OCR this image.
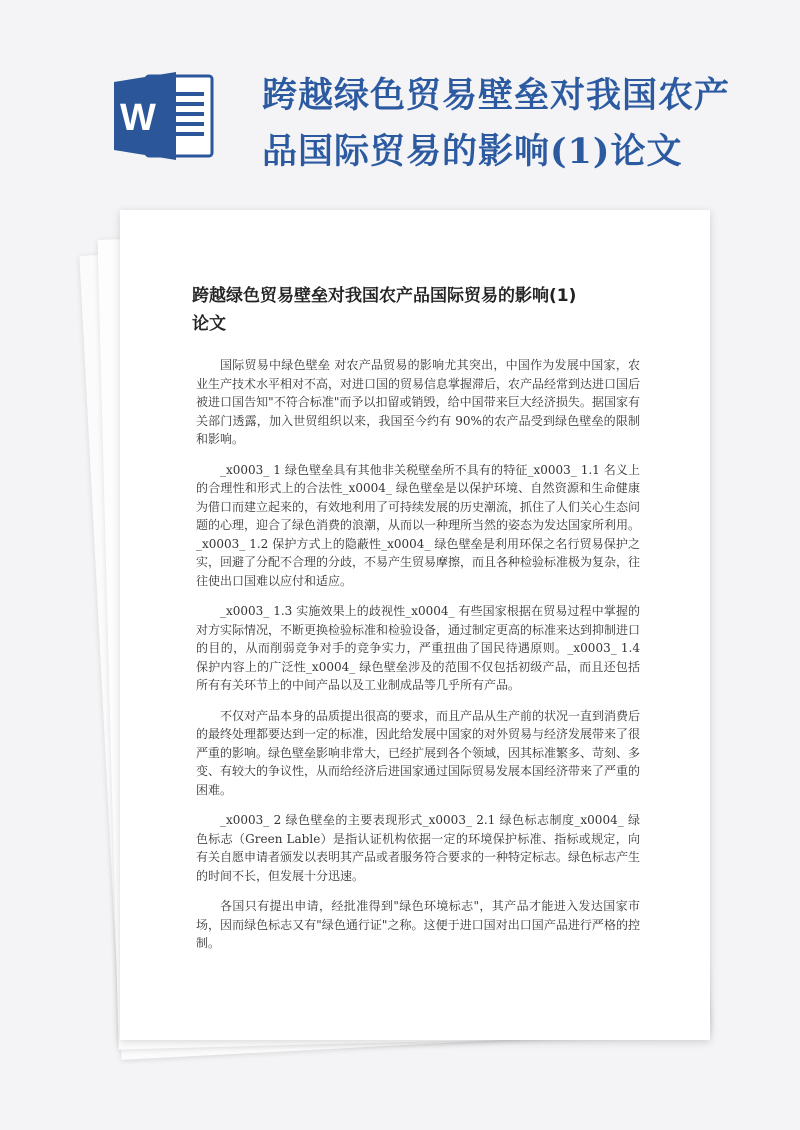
W
跨越绿色贸易壁垒对我国农产
品国际贸易的影响(1)论文
跨越绿色贸易壁垒对我国农产品国际贸易的影响(1)
论文

国际贸易中绿色壁垒 对农产品贸易的影响尤其突出，中国作为发展中国家，农业生产技术水平相对不高，对进口国的贸易信息掌握滞后，农产品经常到达进口国后被进口国告知"不符合标准"而予以扣留或销毁，给中国带来巨大经济损失。据国家有关部门透露，加入世贸组织以来，我国至今约有 90%的农产品受到绿色壁垒的限制和影响。

_x0003_ 1 绿色壁垒具有其他非关税壁垒所不具有的特征_x0003_ 1.1 名义上的合理性和形式上的合法性_x0004_ 绿色壁垒是以保护环境、自然资源和生命健康为借口而建立起来的，有效地利用了可持续发展的历史潮流，抓住了人们关心生态问题的心理，迎合了绿色消费的浪潮，从而以一种理所当然的姿态为发达国家所利用。_x0003_ 1.2 保护方式上的隐蔽性_x0004_ 绿色壁垒是利用环保之名行贸易保护之实，回避了分配不合理的分歧，不易产生贸易摩擦，而且各种检验标准极为复杂，往往使出口国难以应付和适应。

_x0003_ 1.3 实施效果上的歧视性_x0004_ 有些国家根据在贸易过程中掌握的对方实际情况，不断更换检验标准和检验设备，通过制定更高的标准来达到抑制进口的目的，从而削弱竞争对手的竞争实力，严重扭曲了国民待遇原则。_x0003_ 1.4 保护内容上的广泛性_x0004_ 绿色壁垒涉及的范围不仅包括初级产品，而且还包括所有有关环节上的中间产品以及工业制成品等几乎所有产品。

不仅对产品本身的品质提出很高的要求，而且产品从生产前的状况一直到消费后的最终处理都要达到一定的标准，因此给发展中国家的对外贸易与经济发展带来了很严重的影响。绿色壁垒影响非常大，已经扩展到各个领域，因其标准繁多、苛刻、多变、有较大的争议性，从而给经济后进国家通过国际贸易发展本国经济带来了严重的困难。

_x0003_ 2 绿色壁垒的主要表现形式_x0003_ 2.1 绿色标志制度_x0004_ 绿色标志（Green Lable）是指认证机构依据一定的环境保护标准、指标或规定，向有关自愿申请者颁发以表明其产品或者服务符合要求的一种特定标志。绿色标志产生的时间不长，但发展十分迅速。

各国只有提出申请，经批准得到"绿色环境标志"，其产品才能进入发达国家市场，因而绿色标志又有"绿色通行证"之称。这便于进口国对出口国产品进行严格的控制。
